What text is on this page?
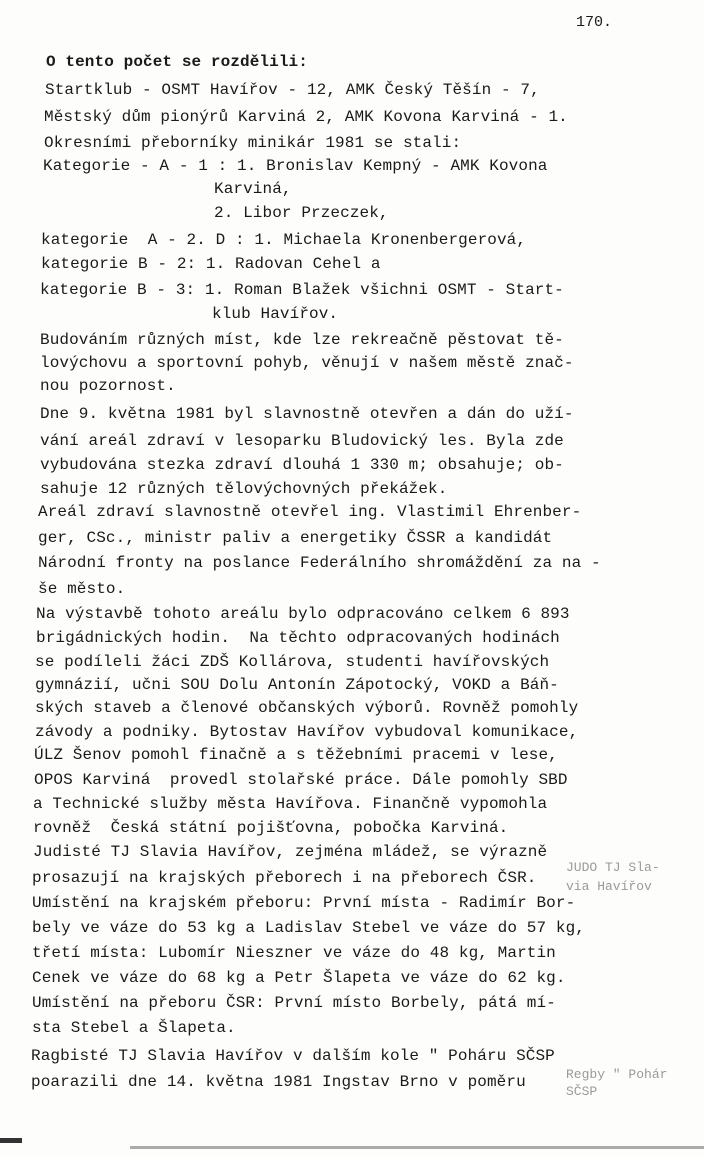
170.
O tento počet se rozdělili:
Startklub - OSMT Havířov - 12, AMK Český Těšín - 7,
Městský dům pionýrů Karviná 2, AMK Kovona Karviná - 1.
Okresními přeborníky minikár 1981 se stali:
Kategorie - A - 1 : 1. Bronislav Kempný - AMK Kovona
Karviná,
2. Libor Przeczek,
kategorie  A - 2. D : 1. Michaela Kronenbergerová,
kategorie B - 2: 1. Radovan Cehel a
kategorie B - 3: 1. Roman Blažek všichni OSMT - Start-
klub Havířov.
Budováním různých míst, kde lze rekreačně pěstovat tě-
lovýchovu a sportovní pohyb, věnují v našem městě znač-
nou pozornost.
Dne 9. května 1981 byl slavnostně otevřen a dán do uží-
vání areál zdraví v lesoparku Bludovický les. Byla zde
vybudována stezka zdraví dlouhá 1 330 m; obsahuje; ob-
sahuje 12 různých tělovýchovných překážek.
Areál zdraví slavnostně otevřel ing. Vlastimil Ehrenber-
ger, CSc., ministr paliv a energetiky ČSSR a kandidát
Národní fronty na poslance Federálního shromáždění za na -
še město.
Na výstavbě tohoto areálu bylo odpracováno celkem 6 893
brigádnických hodin.  Na těchto odpracovaných hodinách
se podíleli žáci ZDŠ Kollárova, studenti havířovských
gymnázií, učni SOU Dolu Antonín Zápotocký, VOKD a Báň-
ských staveb a členové občanských výborů. Rovněž pomohly
závody a podniky. Bytostav Havířov vybudoval komunikace,
ÚLZ Šenov pomohl finačně a s těžebními pracemi v lese,
OPOS Karviná  provedl stolařské práce. Dále pomohly SBD
a Technické služby města Havířova. Finančně vypomohla
rovněž  Česká státní pojišťovna, pobočka Karviná.
Judisté TJ Slavia Havířov, zejména mládež, se výrazně
prosazují na krajských přeborech i na přeborech ČSR.
Umístění na krajském přeboru: První místa - Radimír Bor-
bely ve váze do 53 kg a Ladislav Stebel ve váze do 57 kg,
třetí místa: Lubomír Nieszner ve váze do 48 kg, Martin
Cenek ve váze do 68 kg a Petr Šlapeta ve váze do 62 kg.
Umístění na přeboru ČSR: První místo Borbely, pátá mí-
sta Stebel a Šlapeta.
Ragbisté TJ Slavia Havířov v dalším kole " Poháru SČSP
poarazili dne 14. května 1981 Ingstav Brno v poměru
JUDO TJ Sla-
via Havířov
Regby " Pohár
SČSP
